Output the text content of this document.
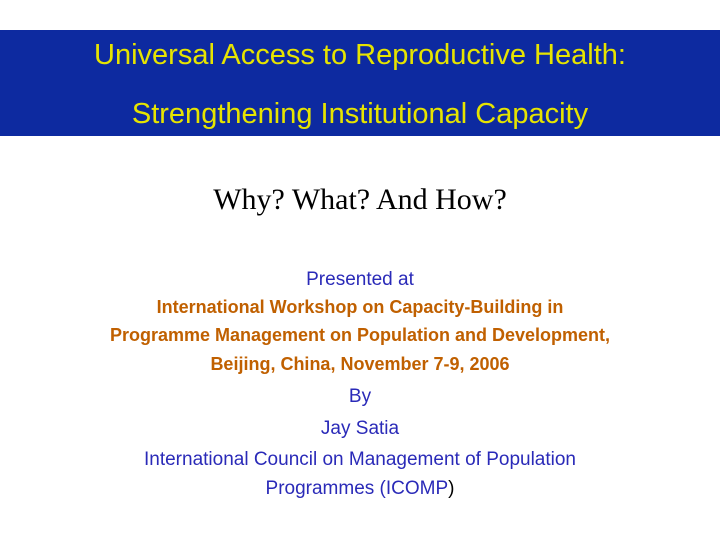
Universal Access to Reproductive Health:
Strengthening Institutional Capacity
Why? What? And How?
Presented at
International Workshop on Capacity-Building in
Programme Management on Population and Development,
Beijing, China, November 7-9, 2006
By
Jay Satia
International Council on Management of Population
Programmes (ICOMP)
